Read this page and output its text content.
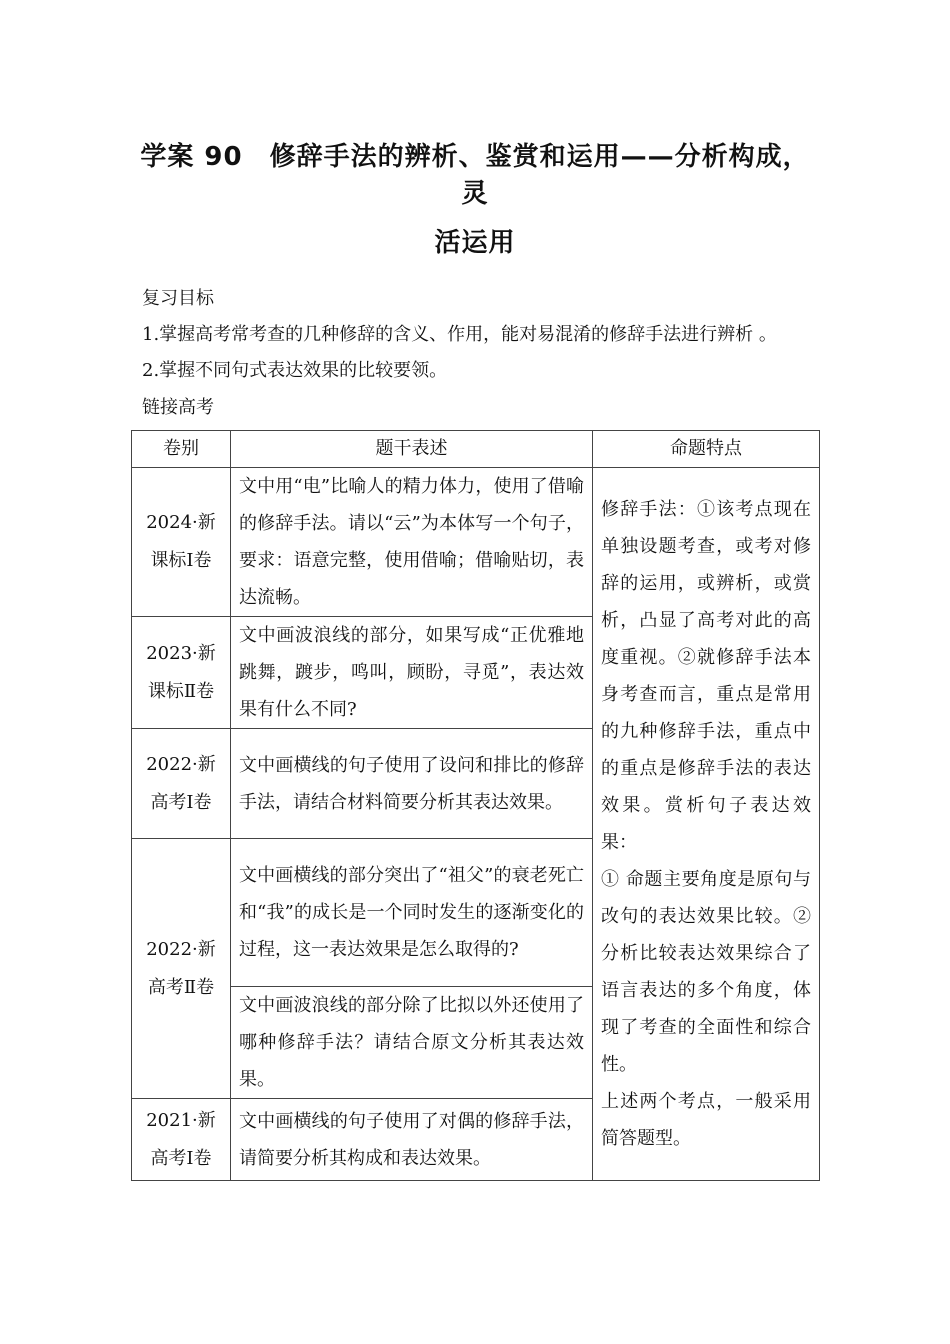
学案 90　修辞手法的辨析、鉴赏和运用——分析构成，灵
活运用
复习目标
1.掌握高考常考查的几种修辞的含义、作用，能对易混淆的修辞手法进行辨析 。
2.掌握不同句式表达效果的比较要领。
链接高考
卷别	题干表述	命题特点
2024·新课标Ⅰ卷	文中用“电”比喻人的精力体力，使用了借喻的修辞手法。请以“云”为本体写一个句子，要求：语意完整，使用借喻；借喻贴切，表达流畅。	修辞手法：①该考点现在单独设题考查，或考对修辞的运用，或辨析，或赏析，凸显了高考对此的高度重视。②就修辞手法本身考查而言，重点是常用的九种修辞手法，重点中的重点是修辞手法的表达效果。赏析句子表达效果：
① 命题主要角度是原句与改句的表达效果比较。②分析比较表达效果综合了语言表达的多个角度，体现了考查的全面性和综合性。
上述两个考点，一般采用简答题型。

2023·新课标Ⅱ卷	文中画波浪线的部分，如果写成“正优雅地跳舞，踱步，鸣叫，顾盼，寻觅”，表达效果有什么不同?	
2022·新高考Ⅰ卷	文中画横线的句子使用了设问和排比的修辞手法，请结合材料简要分析其表达效果。	
2022·新高考Ⅱ卷	文中画横线的部分突出了“祖父”的衰老死亡和“我”的成长是一个同时发生的逐渐变化的过程，这一表达效果是怎么取得的?	
	文中画波浪线的部分除了比拟以外还使用了哪种修辞手法？请结合原文分析其表达效果。	
2021·新高考Ⅰ卷	文中画横线的句子使用了对偶的修辞手法，请简要分析其构成和表达效果。	
